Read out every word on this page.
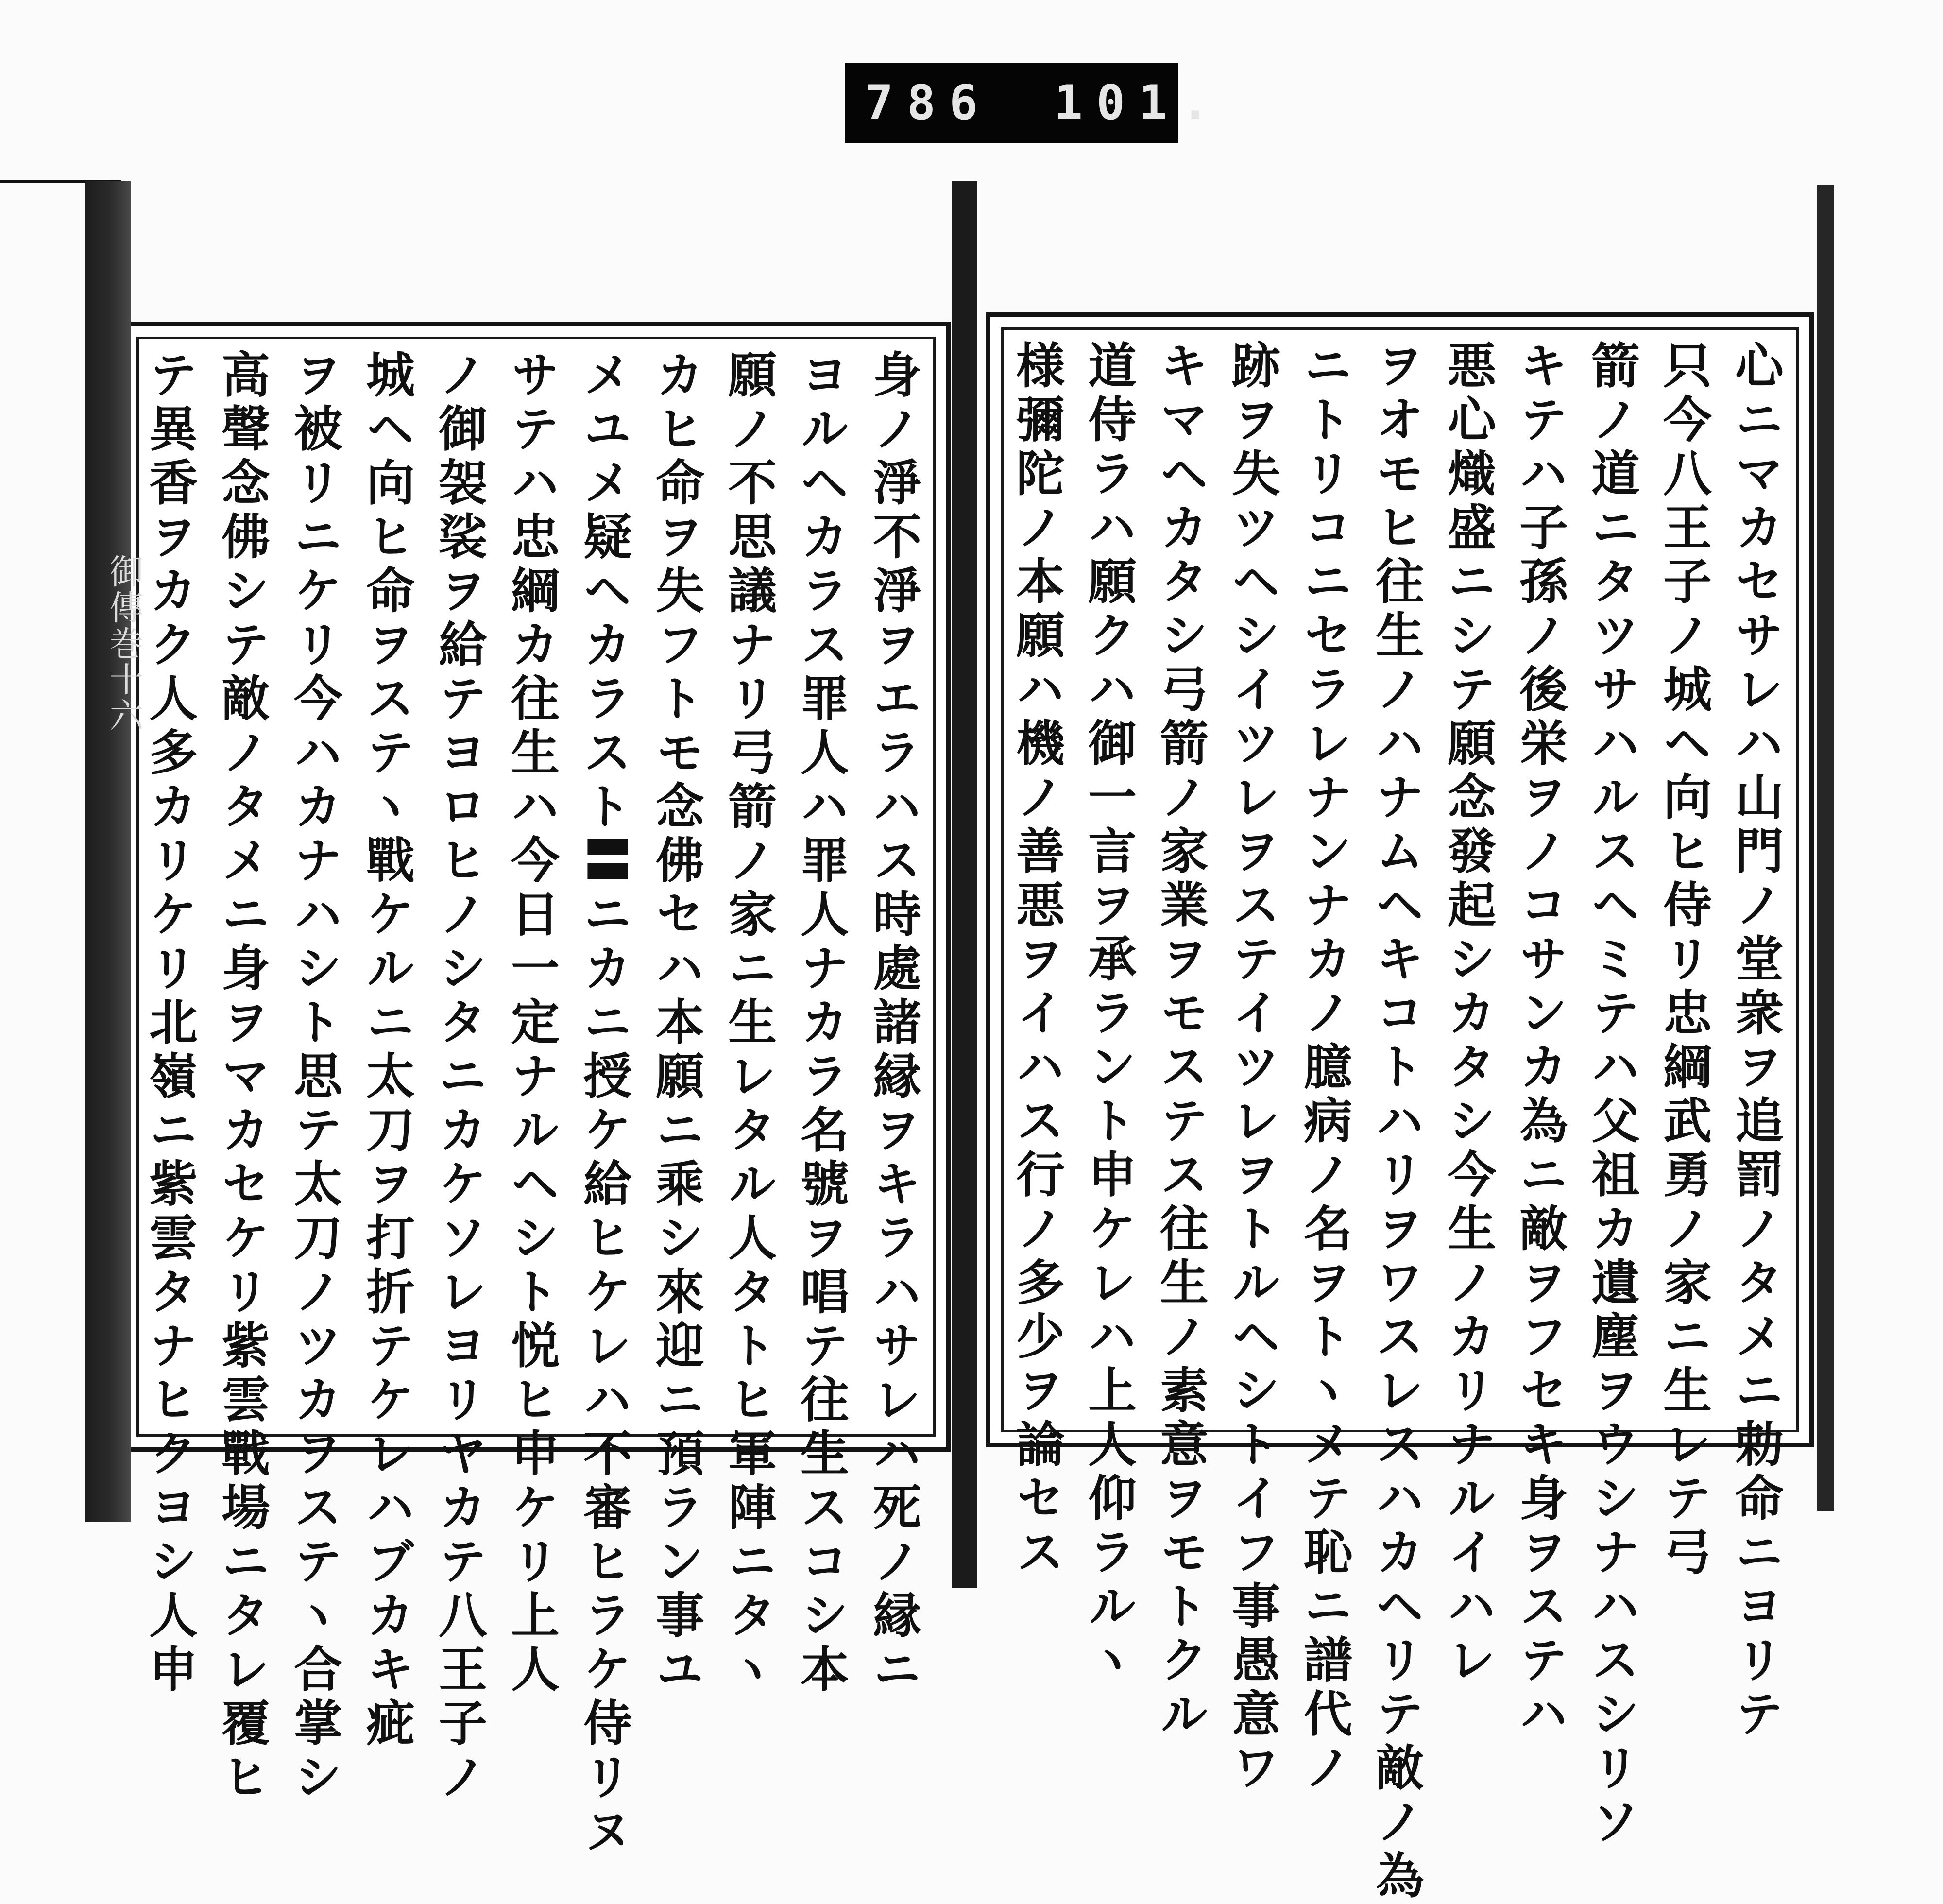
786 101.
テ異香ヲカク人多カリケリ北嶺ニ紫雲タナヒクヨシ人申 高聲念佛シテ敵ノタメニ身ヲマカセケリ紫雲戰場ニタレ覆ヒ ヲ被リニケリ今ハカナハシト思テ太刀ノツカヲステヽ合掌シ 城ヘ向ヒ命ヲステヽ戰ケルニ太刀ヲ打折テケレハブカキ疵 ノ御袈裟ヲ給テヨロヒノシタニカケソレヨリヤカテ八王子ノ サテハ忠綱カ往生ハ今日一定ナルヘシト悦ヒ申ケリ上人 メユメ疑ヘカラスト〓ニカニ授ケ給ヒケレハ不審ヒラケ侍リヌ カヒ命ヲ失フトモ念佛セハ本願ニ乘シ來迎ニ預ラン事ユ 願ノ不思議ナリ弓箭ノ家ニ生レタル人タトヒ軍陣ニタヽ ヨルヘカラス罪人ハ罪人ナカラ名號ヲ唱テ往生スコシ本 身ノ淨不淨ヲエラハス時處諸縁ヲキラハサレハ死ノ縁ニ
御傳巻十六	心ニマカセサレハ山門ノ堂衆ヲ追罰ノタメニ勅命ニヨリテ
只今八王子ノ城ヘ向ヒ侍リ忠綱武勇ノ家ニ生レテ弓
箭ノ道ニタツサハルスヘミテハ父祖カ遺塵ヲウシナハスシリソ
キテハ子孫ノ後栄ヲノコサンカ為ニ敵ヲフセキ身ヲステハ
悪心熾盛ニシテ願念發起シカタシ今生ノカリナルイハレ
ヲオモヒ往生ノハナムヘキコトハリヲワスレスハカヘリテ敵ノ為
ニトリコニセラレナンナカノ臆病ノ名ヲトヽメテ恥ニ譜代ノ
跡ヲ失ツヘシイツレヲステイツレヲトルヘシトイフ事愚意ワ
キマヘカタシ弓箭ノ家業ヲモステス往生ノ素意ヲモトクル
道侍ラハ願クハ御一言ヲ承ラント申ケレハ上人仰ラルヽ
様彌陀ノ本願ハ機ノ善悪ヲイハス行ノ多少ヲ論セス
